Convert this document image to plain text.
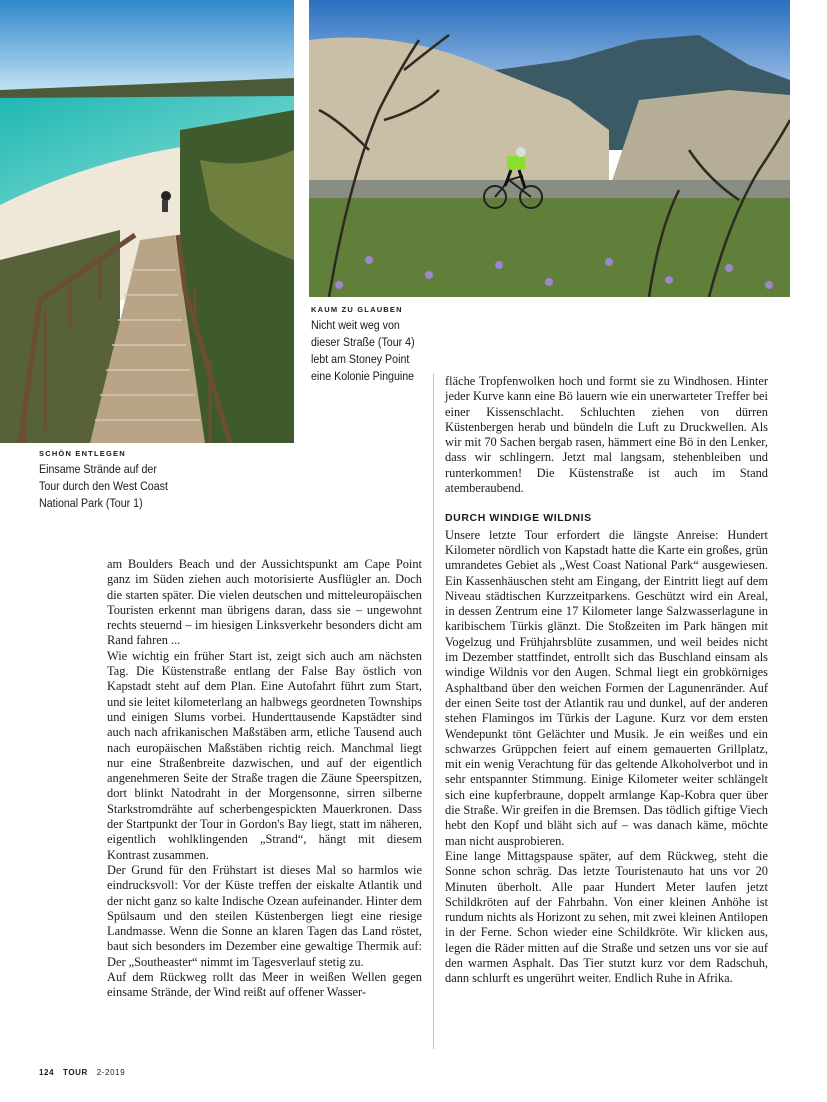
SCHÖN ENTLEGEN
Einsame Strände auf der
Tour durch den West Coast
National Park (Tour 1)
KAUM ZU GLAUBEN
Nicht weit weg von
dieser Straße (Tour 4)
lebt am Stoney Point
eine Kolonie Pinguine

am Boulders Beach und der Aussichtspunkt am Cape Point ganz im Süden ziehen auch motorisierte Ausflügler an. Doch die starten später. Die vielen deutschen und mitteleuropäischen Touristen erkennt man übrigens daran, dass sie – ungewohnt rechts steuernd – im hiesigen Linksverkehr besonders dicht am Rand fahren ...

Wie wichtig ein früher Start ist, zeigt sich auch am nächsten Tag. Die Küstenstraße entlang der False Bay östlich von Kapstadt steht auf dem Plan. Eine Autofahrt führt zum Start, und sie leitet kilometerlang an halbwegs geordneten Townships und einigen Slums vorbei. Hunderttausende Kapstädter sind auch nach afrikanischen Maßstäben arm, etliche Tausend auch nach europäischen Maßstäben richtig reich. Manchmal liegt nur eine Straßenbreite dazwischen, und auf der eigentlich angenehmeren Seite der Straße tragen die Zäune Speerspitzen, dort blinkt Natodraht in der Morgensonne, sirren silberne Starkstromdrähte auf scherbengespickten Mauerkronen. Dass der Startpunkt der Tour in Gordon's Bay liegt, statt im näheren, eigentlich wohlklingenden „Strand“, hängt mit diesem Kontrast zusammen.

Der Grund für den Frühstart ist dieses Mal so harmlos wie eindrucksvoll: Vor der Küste treffen der eiskalte Atlantik und der nicht ganz so kalte Indische Ozean aufeinander. Hinter dem Spülsaum und den steilen Küstenbergen liegt eine riesige Landmasse. Wenn die Sonne an klaren Tagen das Land röstet, baut sich besonders im Dezember eine gewaltige Thermik auf: Der „Southeaster“ nimmt im Tagesverlauf stetig zu.

Auf dem Rückweg rollt das Meer in weißen Wellen gegen einsame Strände, der Wind reißt auf offener Wasser-

fläche Tropfenwolken hoch und formt sie zu Windhosen. Hinter jeder Kurve kann eine Bö lauern wie ein unerwarteter Treffer bei einer Kissenschlacht. Schluchten ziehen von dürren Küstenbergen herab und bündeln die Luft zu Druckwellen. Als wir mit 70 Sachen bergab rasen, hämmert eine Bö in den Lenker, dass wir schlingern. Jetzt mal langsam, stehenbleiben und runterkommen! Die Küstenstraße ist auch im Stand atemberaubend.

DURCH WINDIGE WILDNIS

Unsere letzte Tour erfordert die längste Anreise: Hundert Kilometer nördlich von Kapstadt hatte die Karte ein großes, grün umrandetes Gebiet als „West Coast National Park“ ausgewiesen. Ein Kassenhäuschen steht am Eingang, der Eintritt liegt auf dem Niveau städtischen Kurzzeitparkens. Geschützt wird ein Areal, in dessen Zentrum eine 17 Kilometer lange Salzwasserlagune in karibischem Türkis glänzt. Die Stoßzeiten im Park hängen mit Vogelzug und Frühjahrsblüte zusammen, und weil beides nicht im Dezember stattfindet, entrollt sich das Buschland einsam als windige Wildnis vor den Augen. Schmal liegt ein grobkörniges Asphaltband über den weichen Formen der Lagunenränder. Auf der einen Seite tost der Atlantik rau und dunkel, auf der anderen stehen Flamingos im Türkis der Lagune. Kurz vor dem ersten Wendepunkt tönt Gelächter und Musik. Je ein weißes und ein schwarzes Grüppchen feiert auf einem gemauerten Grillplatz, mit ein wenig Verachtung für das geltende Alkoholverbot und in sehr entspannter Stimmung. Einige Kilometer weiter schlängelt sich eine kupferbraune, doppelt armlange Kap-Kobra quer über die Straße. Wir greifen in die Bremsen. Das tödlich giftige Viech hebt den Kopf und bläht sich auf – was danach käme, möchte man nicht ausprobieren.

Eine lange Mittagspause später, auf dem Rückweg, steht die Sonne schon schräg. Das letzte Touristenauto hat uns vor 20 Minuten überholt. Alle paar Hundert Meter laufen jetzt Schildkröten auf der Fahrbahn. Von einer kleinen Anhöhe ist rundum nichts als Horizont zu sehen, mit zwei kleinen Antilopen in der Ferne. Schon wieder eine Schildkröte. Wir klicken aus, legen die Räder mitten auf die Straße und setzen uns vor sie auf den warmen Asphalt. Das Tier stutzt kurz vor dem Radschuh, dann schlurft es ungerührt weiter. Endlich Ruhe in Afrika.

124 TOUR 2-2019
